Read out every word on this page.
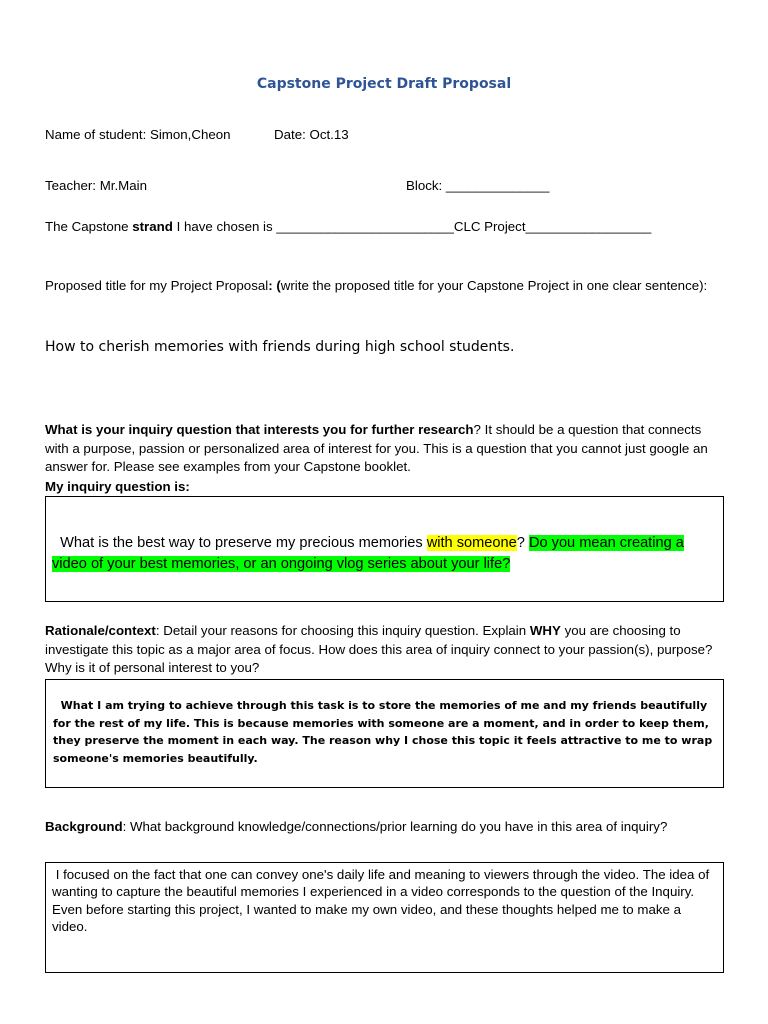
Capstone Project Draft Proposal
Name of student: Simon,Cheon	Date: Oct.13
Teacher: Mr.Main	Block: ______________
The Capstone strand I have chosen is ________________________CLC Project_________________
Proposed title for my Project Proposal: (write the proposed title for your Capstone Project in one clear sentence):
How to cherish memories with friends during high school students.
What is your inquiry question that interests you for further research? It should be a question that connects with a purpose, passion or personalized area of interest for you. This is a question that you cannot just google an answer for. Please see examples from your Capstone booklet.
My inquiry question is:
What is the best way to preserve my precious memories with someone? Do you mean creating a video of your best memories, or an ongoing vlog series about your life?
Rationale/context: Detail your reasons for choosing this inquiry question. Explain WHY you are choosing to investigate this topic as a major area of focus. How does this area of inquiry connect to your passion(s), purpose? Why is it of personal interest to you?
What I am trying to achieve through this task is to store the memories of me and my friends beautifully for the rest of my life. This is because memories with someone are a moment, and in order to keep them, they preserve the moment in each way. The reason why I chose this topic it feels attractive to me to wrap someone's memories beautifully.
Background: What background knowledge/connections/prior learning do you have in this area of inquiry?
I focused on the fact that one can convey one's daily life and meaning to viewers through the video. The idea of wanting to capture the beautiful memories I experienced in a video corresponds to the question of the Inquiry. Even before starting this project, I wanted to make my own video, and these thoughts helped me to make a video.
